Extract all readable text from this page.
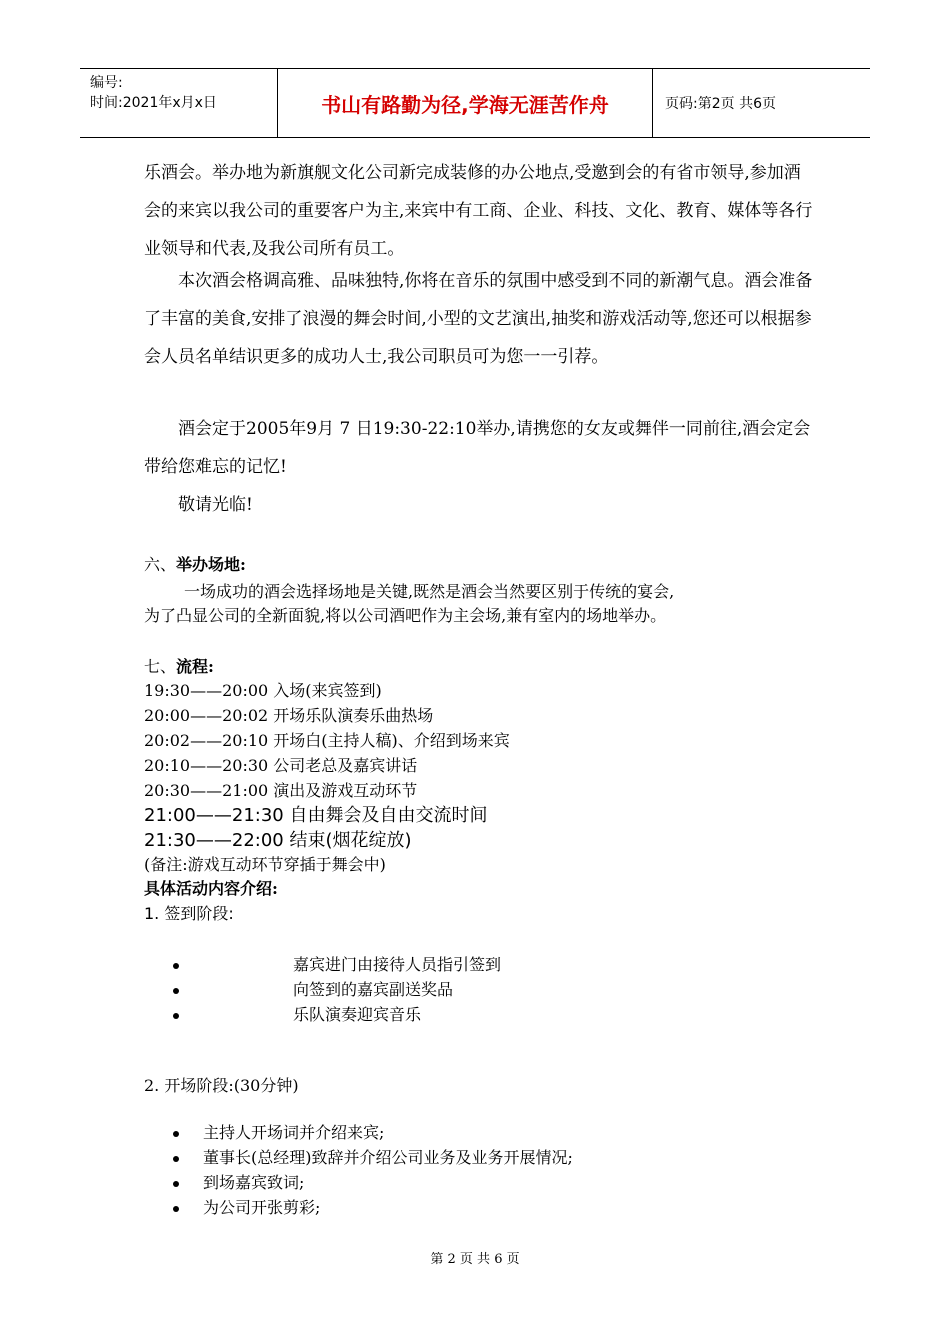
编号:
时间:2021年x月x日	书山有路勤为径,学海无涯苦作舟	页码:第2页 共6页
乐酒会。举办地为新旗舰文化公司新完成装修的办公地点,受邀到会的有省市领导,参加酒会的来宾以我公司的重要客户为主,来宾中有工商、企业、科技、文化、教育、媒体等各行业领导和代表,及我公司所有员工。
本次酒会格调高雅、品味独特,你将在音乐的氛围中感受到不同的新潮气息。酒会准备了丰富的美食,安排了浪漫的舞会时间,小型的文艺演出,抽奖和游戏活动等,您还可以根据参会人员名单结识更多的成功人士,我公司职员可为您一一引荐。
酒会定于2005年9月 7 日19:30-22:10举办,请携您的女友或舞伴一同前往,酒会定会带给您难忘的记忆!
敬请光临!
六、举办场地:
一场成功的酒会选择场地是关键,既然是酒会当然要区别于传统的宴会,
为了凸显公司的全新面貌,将以公司酒吧作为主会场,兼有室内的场地举办。
七、流程:
19:30——20:00 入场(来宾签到)
20:00——20:02 开场乐队演奏乐曲热场
20:02——20:10 开场白(主持人稿)、介绍到场来宾
20:10——20:30 公司老总及嘉宾讲话
20:30——21:00 演出及游戏互动环节
21:00——21:30 自由舞会及自由交流时间
21:30——22:00 结束(烟花绽放)
(备注:游戏互动环节穿插于舞会中)
具体活动内容介绍:
1. 签到阶段:
嘉宾进门由接待人员指引签到
向签到的嘉宾副送奖品
乐队演奏迎宾音乐
2. 开场阶段:(30分钟)
主持人开场词并介绍来宾;
董事长(总经理)致辞并介绍公司业务及业务开展情况;
到场嘉宾致词;
为公司开张剪彩;
第 2 页 共 6 页
